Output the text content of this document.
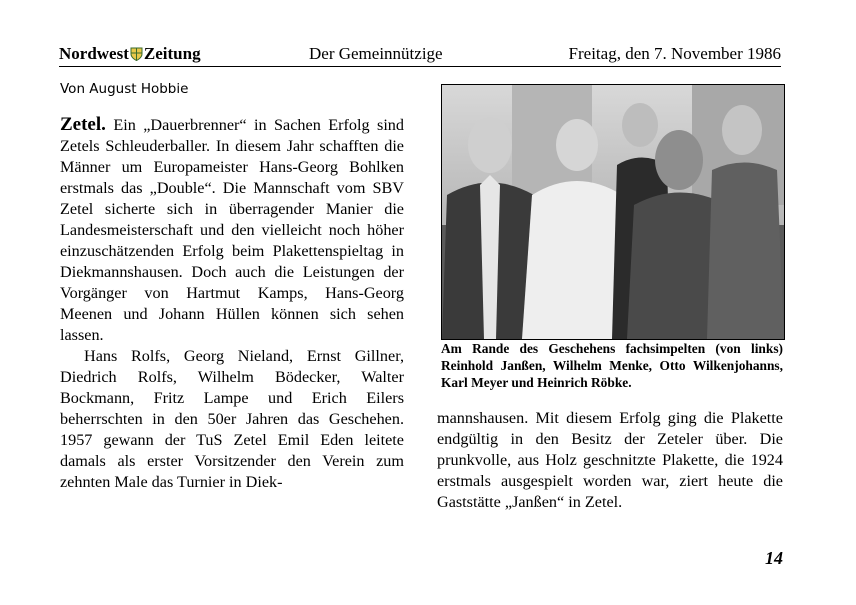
Nordwest Zeitung	Der Gemeinnützige	Freitag, den 7. November 1986
Von August Hobbie

Zetel. Ein „Dauerbrenner“ in Sachen Erfolg sind Zetels Schleuderballer. In diesem Jahr schafften die Männer um Europameister Hans-Georg Bohlken erstmals das „Double“. Die Mannschaft vom SBV Zetel sicherte sich in überragender Manier die Landesmeisterschaft und den vielleicht noch höher einzuschätzenden Erfolg beim Plakettenspieltag in Diekmannshausen. Doch auch die Leistungen der Vorgänger von Hartmut Kamps, Hans-Georg Meenen und Johann Hüllen können sich sehen lassen.

Hans Rolfs, Georg Nieland, Ernst Gillner, Diedrich Rolfs, Wilhelm Bödecker, Walter Bockmann, Fritz Lampe und Erich Eilers beherrschten in den 50er Jahren das Geschehen. 1957 gewann der TuS Zetel Emil Eden leitete damals als erster Vorsitzender den Verein zum zehnten Male das Turnier in Diek-

Am Rande des Geschehens fachsimpelten (von links) Reinhold Janßen, Wilhelm Menke, Otto Wilkenjohanns, Karl Meyer und Heinrich Röbke.

mannshausen. Mit diesem Erfolg ging die Plakette endgültig in den Besitz der Zeteler über. Die prunkvolle, aus Holz geschnitzte Plakette, die 1924 erstmals ausgespielt worden war, ziert heute die Gaststätte „Janßen“ in Zetel.

14
